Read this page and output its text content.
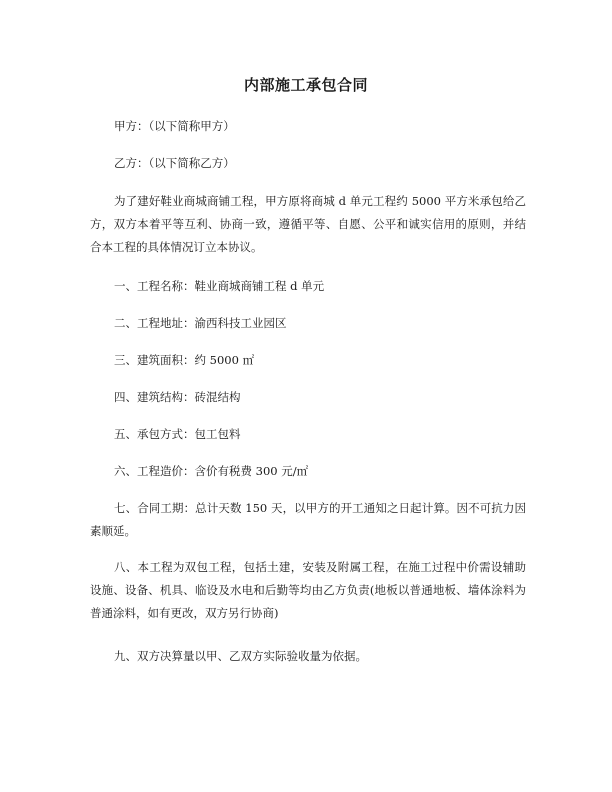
内部施工承包合同
甲方：（以下简称甲方）
乙方：（以下简称乙方）
为了建好鞋业商城商铺工程，甲方原将商城 d 单元工程约 5000 平方米承包给乙方，双方本着平等互利、协商一致，遵循平等、自愿、公平和诚实信用的原则，并结合本工程的具体情况订立本协议。
一、工程名称：鞋业商城商铺工程 d 单元
二、工程地址：渝西科技工业园区
三、建筑面积：约 5000 ㎡
四、建筑结构：砖混结构
五、承包方式：包工包料
六、工程造价：含价有税费 300 元/㎡
七、合同工期：总计天数 150 天，以甲方的开工通知之日起计算。因不可抗力因素顺延。
八、本工程为双包工程，包括土建，安装及附属工程，在施工过程中价需设辅助设施、设备、机具、临设及水电和后勤等均由乙方负责(地板以普通地板、墙体涂料为普通涂料，如有更改，双方另行协商)
九、双方决算量以甲、乙双方实际验收量为依据。
